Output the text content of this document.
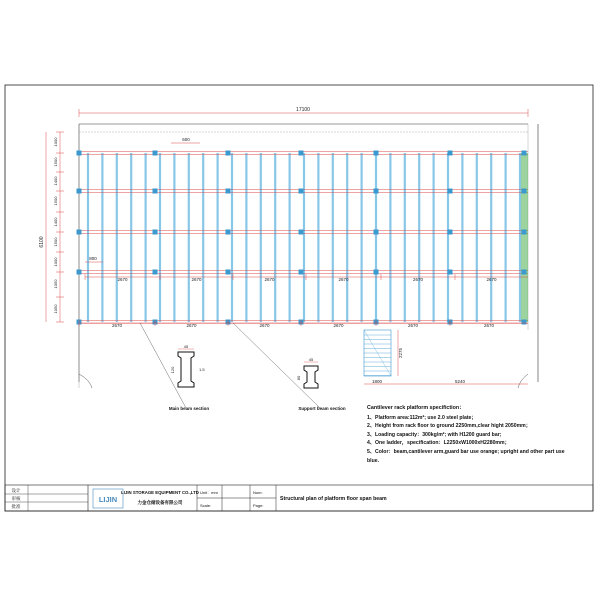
17100
1000
1500
1400
1500
1400
1500
1000
1050
1050
6100
600
800
2670	2670	2670	2670	2670	2670
2670	2670	2670	2670	2670	2670
2275
1800	5240
45
120	1.5
Main beam section
45
80
Support beam section
设计
审核
批准
LIJIN
LIJIN STORAGE EQUIPMENT CO.,LTD
力金仓储设备有限公司
Unit：mm
Scale:
Num:
Page:
Structural plan of platform floor span beam
Cantilever rack platform specifiction：
1、Platform area:112m²; use 2.0 steel plate；
2、Height from rack floor to ground 2250mm,clear hight 2050mm；
3、Loading capacity：300kg/m²; with H1200 guard bar;
4、One ladder，specification：L2250xW1000xH2280mm；
5、Color：beam,cantilever arm,guard bar use orange; upright and other part use blue.
